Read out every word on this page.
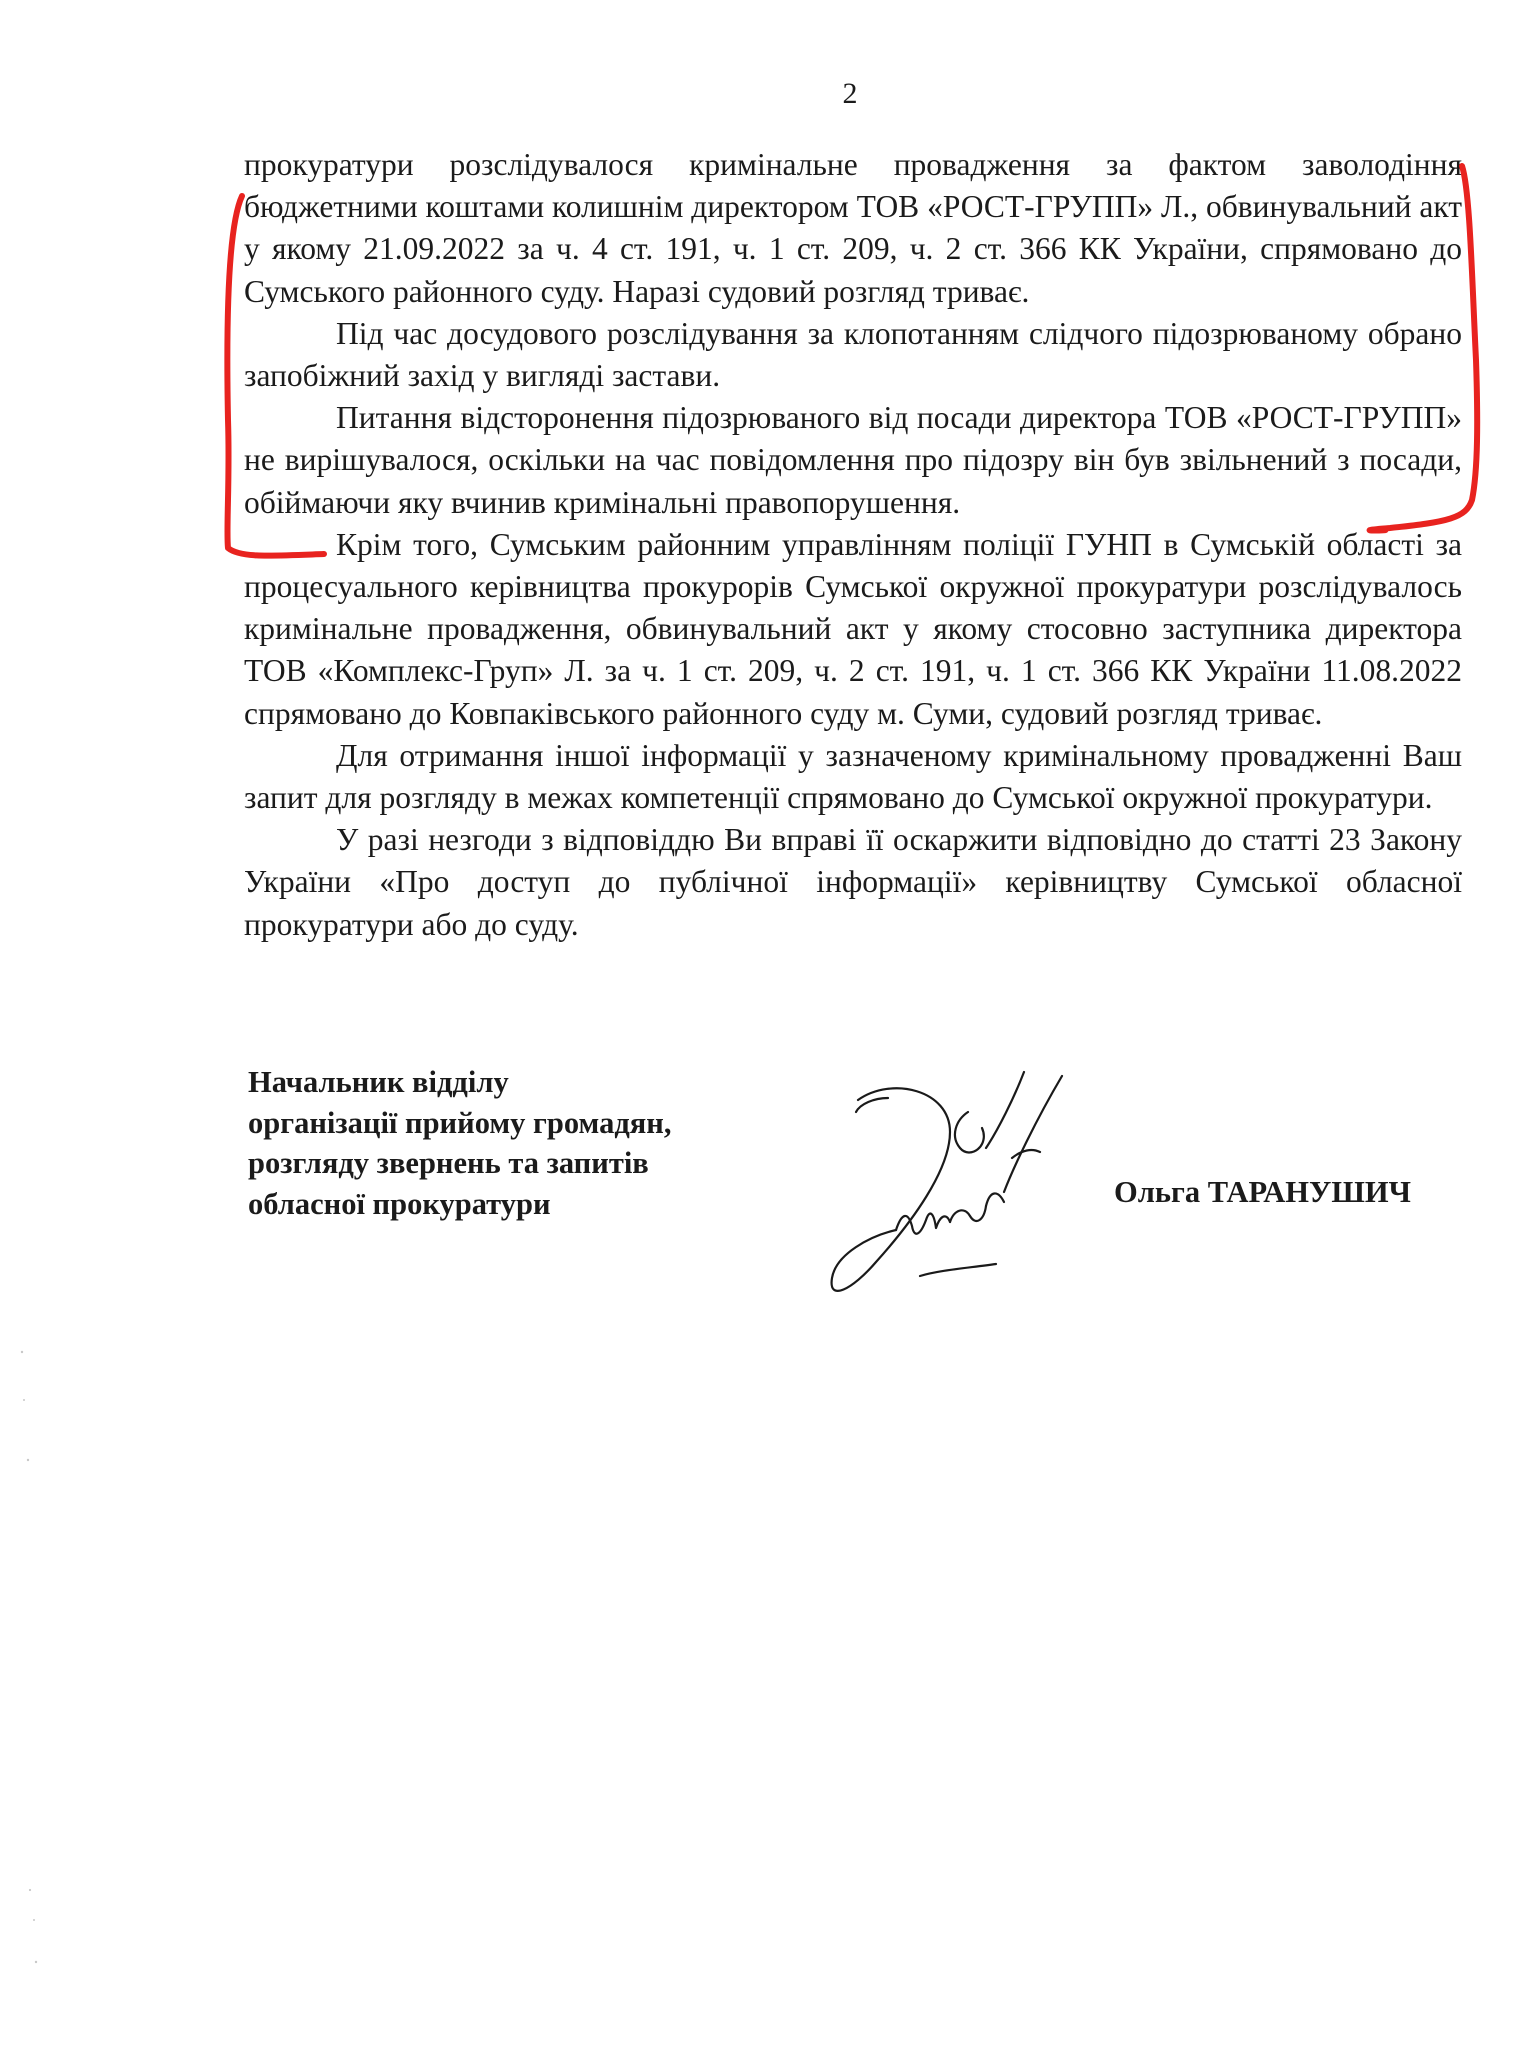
2

прокуратури розслідувалося кримінальне провадження за фактом заволодіння бюджетними коштами колишнім директором ТОВ «РОСТ-ГРУПП» Л., обвинувальний акт у якому 21.09.2022 за ч. 4 ст. 191, ч. 1 ст. 209, ч. 2 ст. 366 КК України, спрямовано до Сумського районного суду. Наразі судовий розгляд триває.

Під час досудового розслідування за клопотанням слідчого підозрюваному обрано запобіжний захід у вигляді застави.

Питання відсторонення підозрюваного від посади директора ТОВ «РОСТ-ГРУПП» не вирішувалося, оскільки на час повідомлення про підозру він був звільнений з посади, обіймаючи яку вчинив кримінальні правопорушення.

Крім того, Сумським районним управлінням поліції ГУНП в Сумській області за процесуального керівництва прокурорів Сумської окружної прокуратури розслідувалось кримінальне провадження, обвинувальний акт у якому стосовно заступника директора ТОВ «Комплекс-Груп» Л. за ч. 1 ст. 209, ч. 2 ст. 191, ч. 1 ст. 366 КК України 11.08.2022 спрямовано до Ковпаківського районного суду м. Суми, судовий розгляд триває.

Для отримання іншої інформації у зазначеному кримінальному провадженні Ваш запит для розгляду в межах компетенції спрямовано до Сумської окружної прокуратури.

У разі незгоди з відповіддю Ви вправі її оскаржити відповідно до статті 23 Закону України «Про доступ до публічної інформації» керівництву Сумської обласної прокуратури або до суду.

Начальник відділу
організації прийому громадян,
розгляду звернень та запитів
обласної прокуратури	Ольга ТАРАНУШИЧ
